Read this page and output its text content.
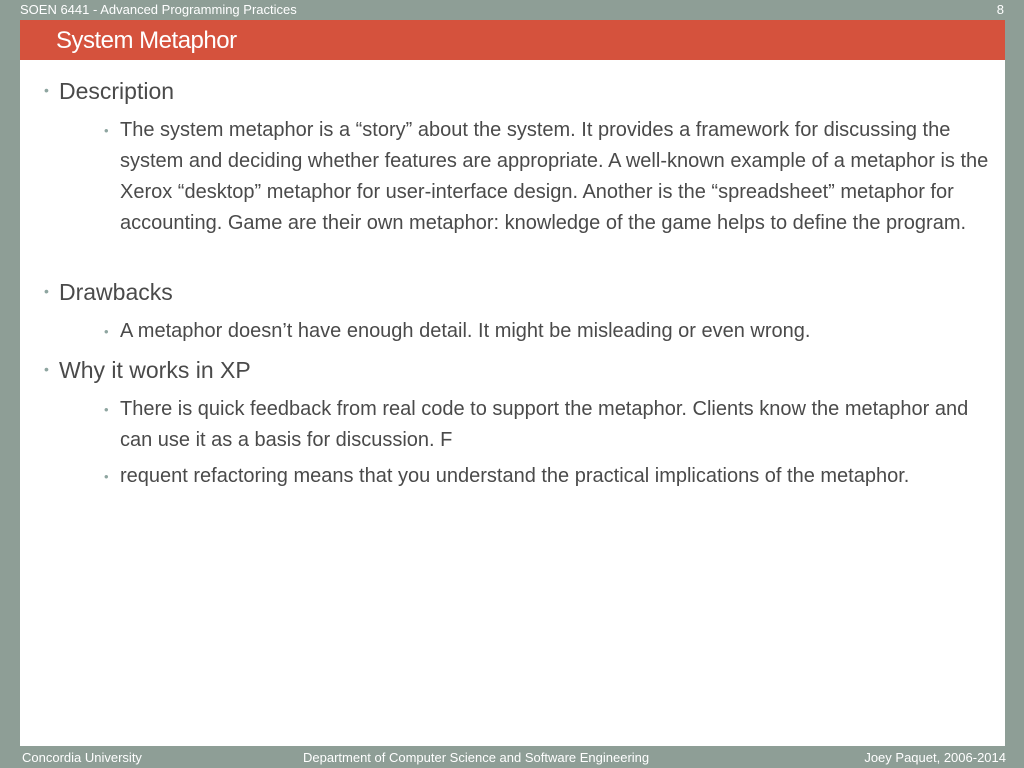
SOEN 6441 - Advanced Programming Practices	8
System Metaphor
• Description
• The system metaphor is a “story” about the system. It provides a framework for discussing the system and deciding whether features are appropriate. A well-known example of a metaphor is the Xerox “desktop” metaphor for user-interface design. Another is the “spreadsheet” metaphor for accounting. Game are their own metaphor: knowledge of the game helps to define the program.
• Drawbacks
• A metaphor doesn’t have enough detail. It might be misleading or even wrong.
• Why it works in XP
• There is quick feedback from real code to support the metaphor. Clients know the metaphor and can use it as a basis for discussion. F
• requent refactoring means that you understand the practical implications of the metaphor.
Concordia University	Department of Computer Science and Software Engineering	Joey Paquet, 2006-2014
